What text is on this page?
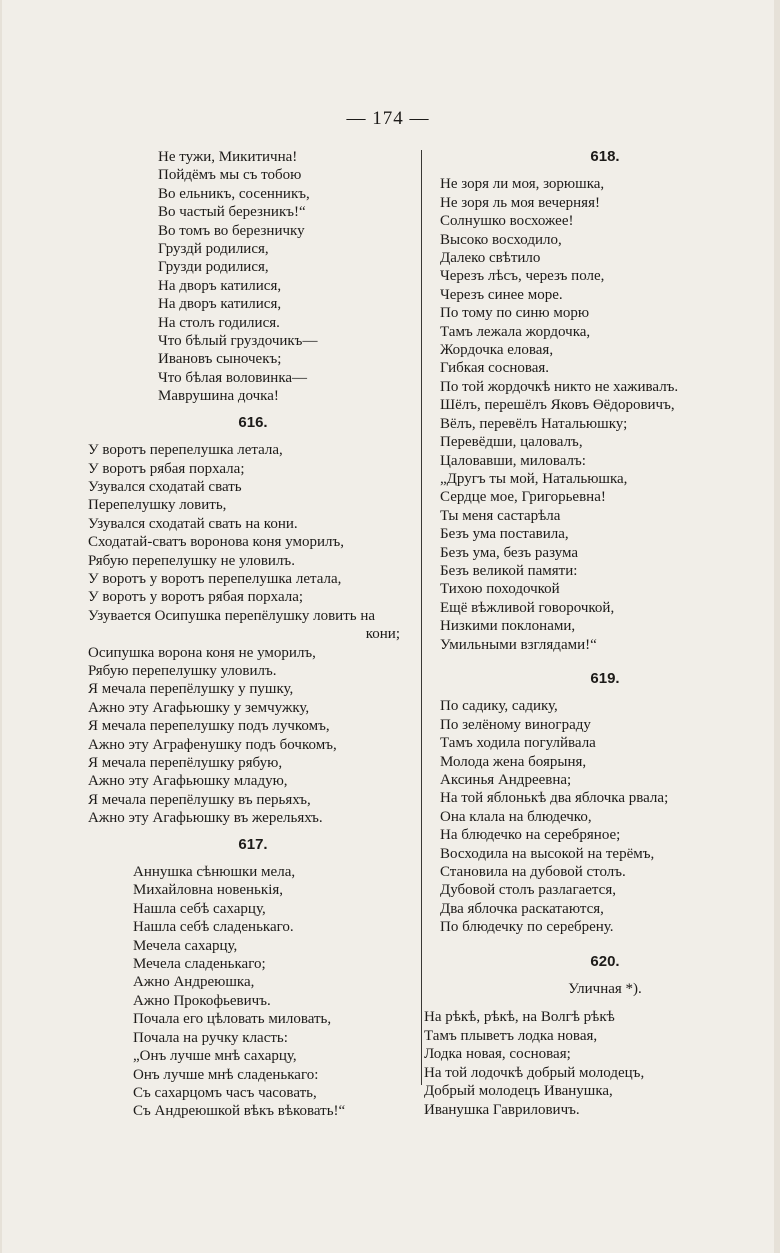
— 174 —
Не тужи, Микитична!
Пойдёмъ мы съ тобою
Во ельникъ, сосенникъ,
Во частый березникъ!“
Во томъ во березничку
Груздй родилися,
Грузди родилися,
На дворъ катилися,
На дворъ катилися,
На столъ годилися.
Что бѣлый груздочикъ—
Ивановъ сыночекъ;
Что бѣлая воловинка—
Маврушина дочка!
616.
У воротъ перепелушка летала,
У воротъ рябая порхала;
Узувался сходатай свать
Перепелушку ловить,
Узувался сходатай свать на кони.
Сходатай-сватъ воронова коня уморилъ,
Рябую перепелушку не уловилъ.
У воротъ у воротъ перепелушка летала,
У воротъ у воротъ рябая порхала;
Узувается Осипушка перепёлушку ловить на
кони;
Осипушка ворона коня не уморилъ,
Рябую перепелушку уловилъ.
Я мечала перепёлушку у пушку,
Ажно эту Агафьюшку у земчужку,
Я мечала перепелушку подъ лучкомъ,
Ажно эту Аграфенушку подъ бочкомъ,
Я мечала перепёлушку рябую,
Ажно эту Агафьюшку младую,
Я мечала перепёлушку въ перьяхъ,
Ажно эту Агафьюшку въ жерельяхъ.
617.
Аннушка сѣнюшки мела,
Михайловна новенькія,
Нашла себѣ сахарцу,
Нашла себѣ сладенькаго.
Мечела сахарцу,
Мечела сладенькаго;
Ажно Андреюшка,
Ажно Прокофьевичъ.
Почала его цѣловать миловать,
Почала на ручку класть:
„Онъ лучше мнѣ сахарцу,
Онъ лучше мнѣ сладенькаго:
Съ сахарцомъ часъ часовать,
Съ Андреюшкой вѣкъ вѣковать!“
618.
Не зоря ли моя, зорюшка,
Не зоря ль моя вечерняя!
Солнушко восхожее!
Высоко восходило,
Далеко свѣтило
Черезъ лѣсъ, черезъ поле,
Черезъ синее море.
По тому по синю морю
Тамъ лежала жордочка,
Жордочка еловая,
Гибкая сосновая.
По той жордочкѣ никто не хаживалъ.
Шёлъ, перешёлъ Яковъ Өёдоровичъ,
Вёлъ, перевёлъ Натальюшку;
Перевёдши, цаловалъ,
Цаловавши, миловалъ:
„Другъ ты мой, Натальюшка,
Сердце мое, Григорьевна!
Ты меня састарѣла
Безъ ума поставила,
Безъ ума, безъ разума
Безъ великой памяти:
Тихою походочкой
Ещё вѣжливой говорочкой,
Низкими поклонами,
Умильными взглядами!“
619.
По садику, садику,
По зелёному винограду
Тамъ ходила погулйвала
Молода жена боярыня,
Аксинья Андреевна;
На той яблонькѣ два яблочка рвала;
Она клала на блюдечко,
На блюдечко на серебряное;
Восходила на высокой на терёмъ,
Становила на дубовой столъ.
Дубовой столъ разлагается,
Два яблочка раскатаются,
По блюдечку по серебрену.
620.
Уличная *).
На рѣкѣ, рѣкѣ, на Волгѣ рѣкѣ
Тамъ плыветъ лодка новая,
Лодка новая, сосновая;
На той лодочкѣ добрый молодецъ,
Добрый молодецъ Иванушка,
Иванушка Гавриловичъ.
